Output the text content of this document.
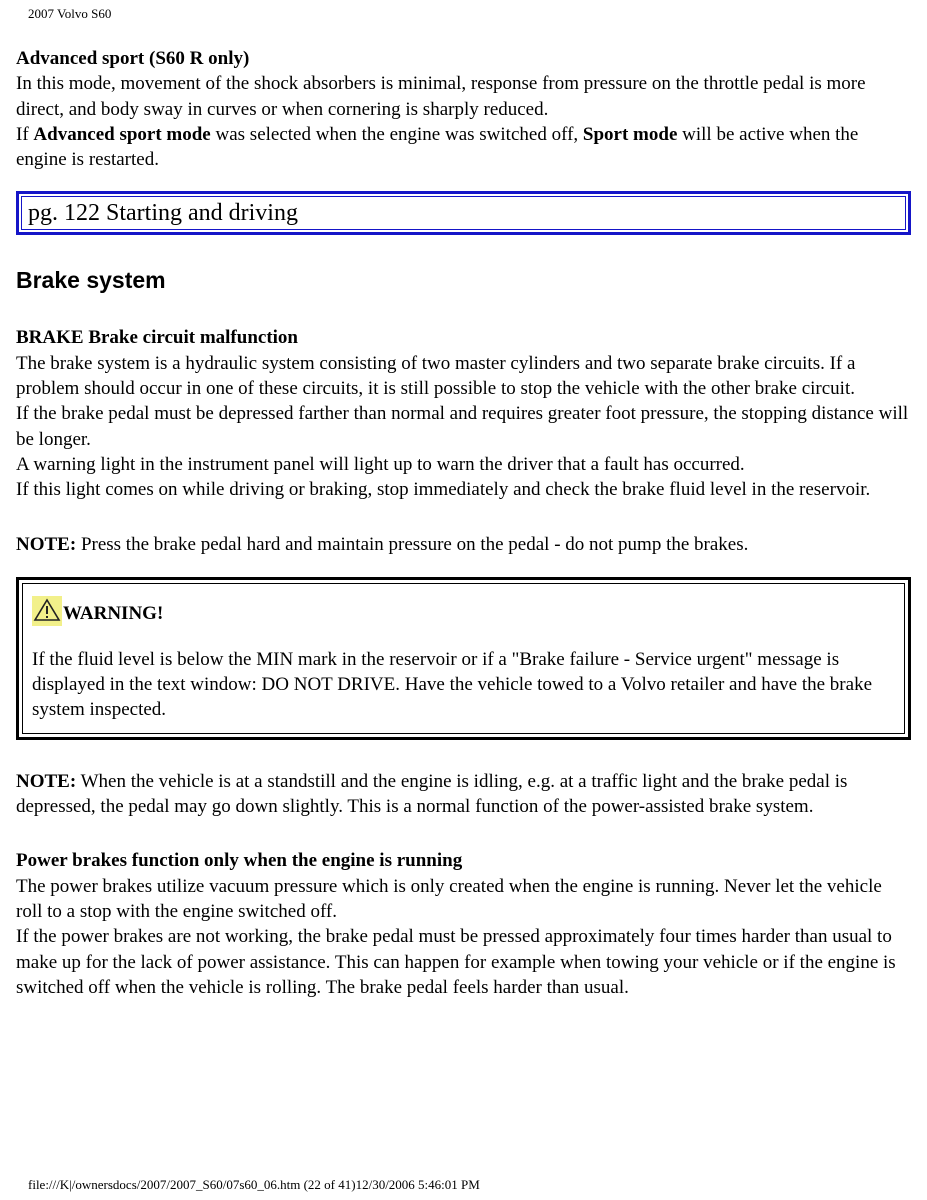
2007 Volvo S60

Advanced sport (S60 R only)

In this mode, movement of the shock absorbers is minimal, response from pressure on the throttle pedal is more direct, and body sway in curves or when cornering is sharply reduced.

If Advanced sport mode was selected when the engine was switched off, Sport mode will be active when the engine is restarted.

pg. 122 Starting and driving
Brake system

BRAKE Brake circuit malfunction

The brake system is a hydraulic system consisting of two master cylinders and two separate brake circuits. If a problem should occur in one of these circuits, it is still possible to stop the vehicle with the other brake circuit.

If the brake pedal must be depressed farther than normal and requires greater foot pressure, the stopping distance will be longer.

A warning light in the instrument panel will light up to warn the driver that a fault has occurred.

If this light comes on while driving or braking, stop immediately and check the brake fluid level in the reservoir.

NOTE: Press the brake pedal hard and maintain pressure on the pedal - do not pump the brakes.

WARNING!

If the fluid level is below the MIN mark in the reservoir or if a "Brake failure - Service urgent" message is displayed in the text window: DO NOT DRIVE. Have the vehicle towed to a Volvo retailer and have the brake system inspected.

NOTE: When the vehicle is at a standstill and the engine is idling, e.g. at a traffic light and the brake pedal is depressed, the pedal may go down slightly. This is a normal function of the power-assisted brake system.

Power brakes function only when the engine is running

The power brakes utilize vacuum pressure which is only created when the engine is running. Never let the vehicle roll to a stop with the engine switched off.

If the power brakes are not working, the brake pedal must be pressed approximately four times harder than usual to make up for the lack of power assistance. This can happen for example when towing your vehicle or if the engine is switched off when the vehicle is rolling. The brake pedal feels harder than usual.

file:///K|/ownersdocs/2007/2007_S60/07s60_06.htm (22 of 41)12/30/2006 5:46:01 PM
